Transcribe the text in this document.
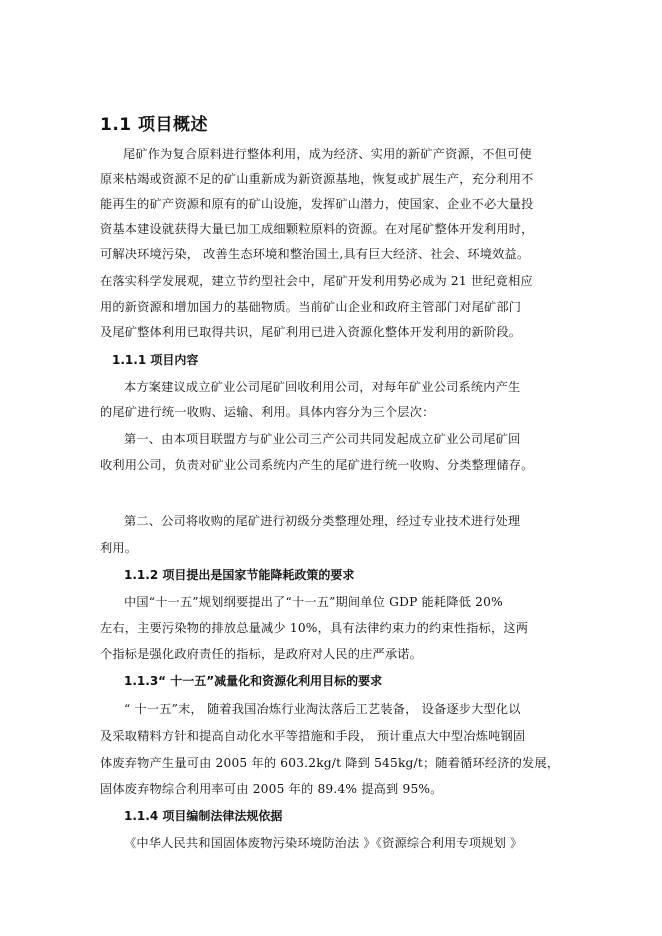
1.1 项目概述
尾矿作为复合原料进行整体利用，成为经济、实用的新矿产资源，不但可使
原来枯竭或资源不足的矿山重新成为新资源基地，恢复或扩展生产，充分利用不
能再生的矿产资源和原有的矿山设施，发挥矿山潜力，使国家、企业不必大量投
资基本建设就获得大量已加工成细颗粒原料的资源。在对尾矿整体开发利用时，
可解决环境污染， 改善生态环境和整治国土,具有巨大经济、社会、环境效益。
在落实科学发展观，建立节约型社会中，尾矿开发利用势必成为 21 世纪竟相应
用的新资源和增加国力的基础物质。当前矿山企业和政府主管部门对尾矿部门
及尾矿整体利用已取得共识，尾矿利用已进入资源化整体开发利用的新阶段。
1.1.1 项目内容
本方案建议成立矿业公司尾矿回收利用公司，对每年矿业公司系统内产生
的尾矿进行统一收购、运输、利用。具体内容分为三个层次：
第一、由本项目联盟方与矿业公司三产公司共同发起成立矿业公司尾矿回
收利用公司，负责对矿业公司系统内产生的尾矿进行统一收购、分类整理储存。
第二、公司将收购的尾矿进行初级分类整理处理，经过专业技术进行处理
利用。
1.1.2 项目提出是国家节能降耗政策的要求
中国“十一五”规划纲要提出了“十一五”期间单位 GDP 能耗降低 20%
左右，主要污染物的排放总量减少 10%，具有法律约束力的约束性指标，这两
个指标是强化政府责任的指标，是政府对人民的庄严承诺。
1.1.3“ 十一五”减量化和资源化利用目标的要求
“ 十一五”末， 随着我国冶炼行业淘汰落后工艺装备， 设备逐步大型化以
及采取精料方针和提高自动化水平等措施和手段， 预计重点大中型冶炼吨钢固
体废弃物产生量可由 2005 年的 603.2kg/t 降到 545kg/t；随着循环经济的发展，
固体废弃物综合利用率可由 2005 年的 89.4% 提高到 95%。
1.1.4 项目编制法律法规依据
《中华人民共和国固体废物污染环境防治法 》《资源综合利用专项规划 》
